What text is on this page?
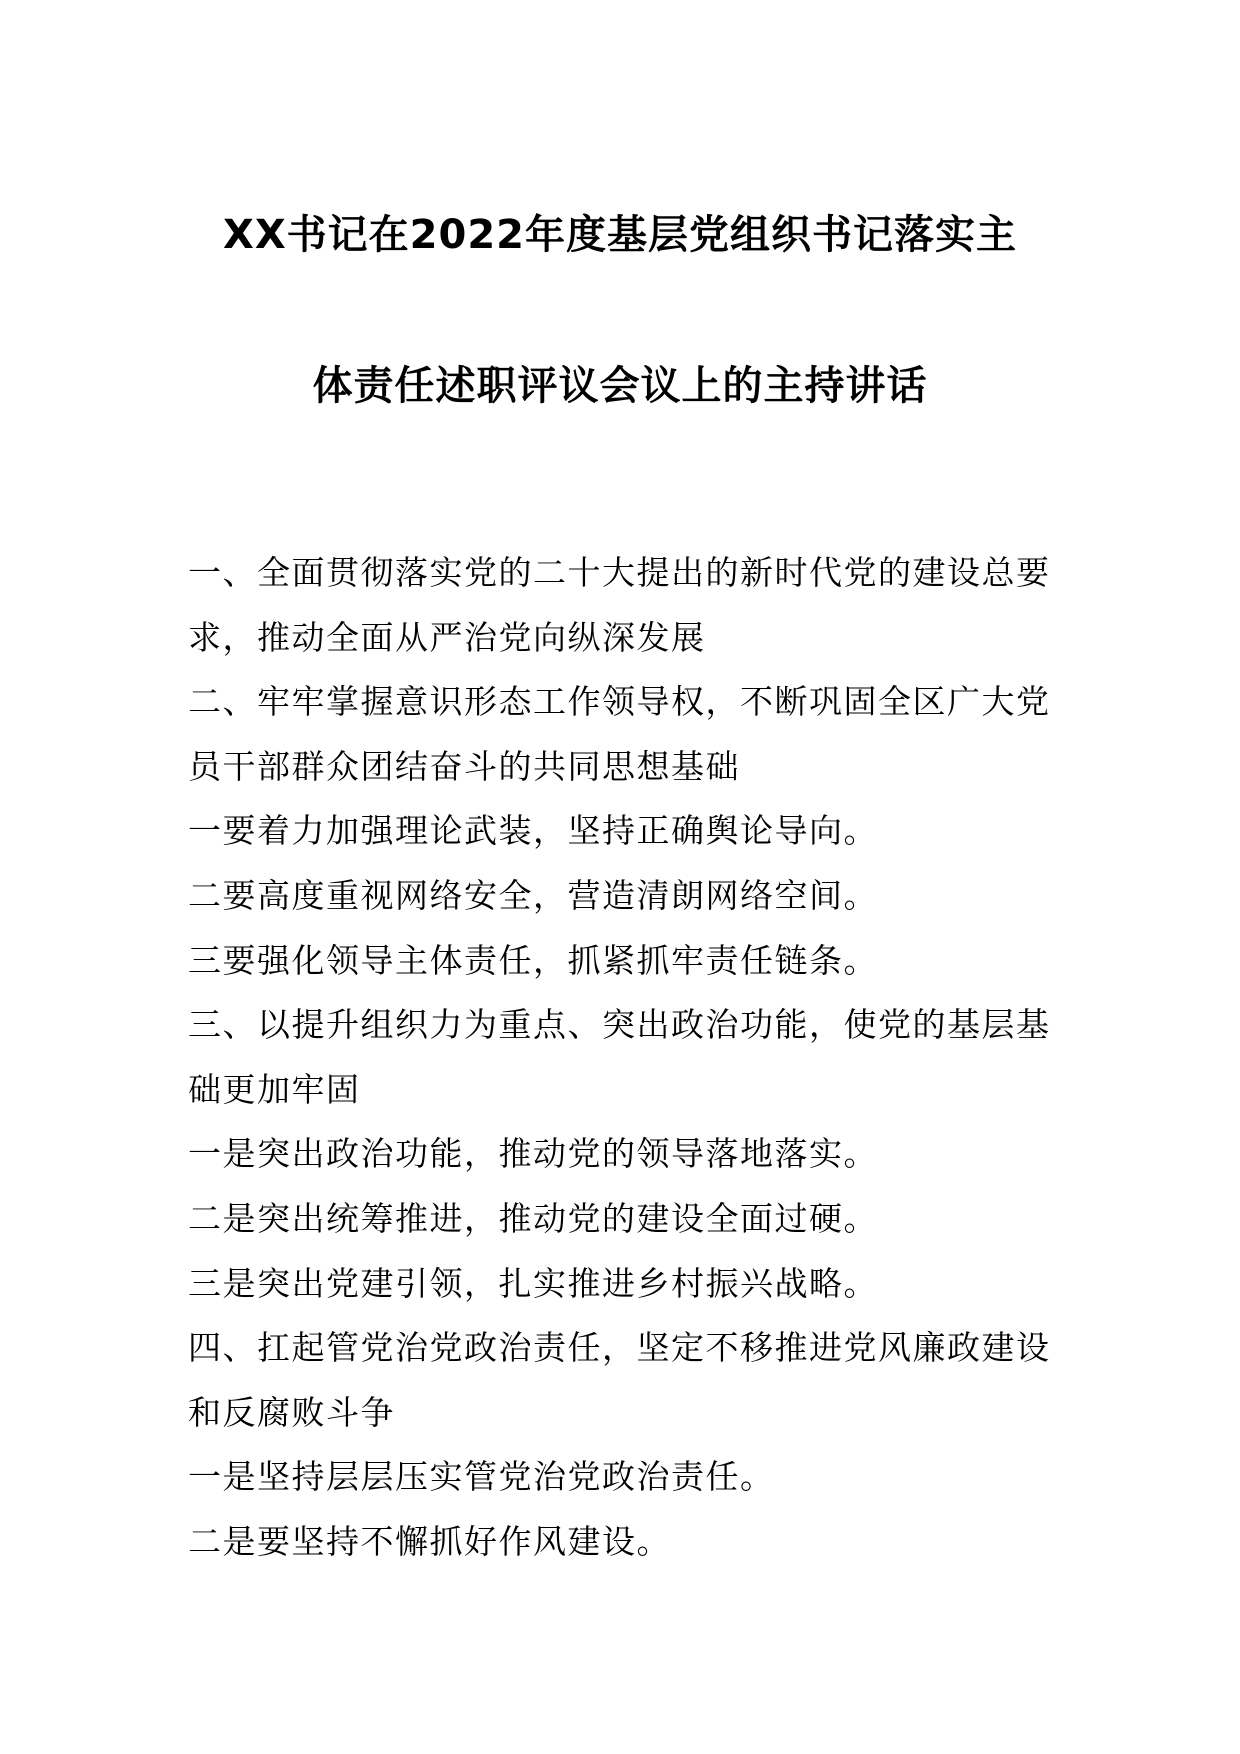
XX书记在2022年度基层党组织书记落实主
体责任述职评议会议上的主持讲话

一、全面贯彻落实党的二十大提出的新时代党的建设总要求，推动全面从严治党向纵深发展

二、牢牢掌握意识形态工作领导权，不断巩固全区广大党员干部群众团结奋斗的共同思想基础

一要着力加强理论武装，坚持正确舆论导向。

二要高度重视网络安全，营造清朗网络空间。

三要强化领导主体责任，抓紧抓牢责任链条。

三、以提升组织力为重点、突出政治功能，使党的基层基础更加牢固

一是突出政治功能，推动党的领导落地落实。

二是突出统筹推进，推动党的建设全面过硬。

三是突出党建引领，扎实推进乡村振兴战略。

四、扛起管党治党政治责任，坚定不移推进党风廉政建设和反腐败斗争

一是坚持层层压实管党治党政治责任。

二是要坚持不懈抓好作风建设。
